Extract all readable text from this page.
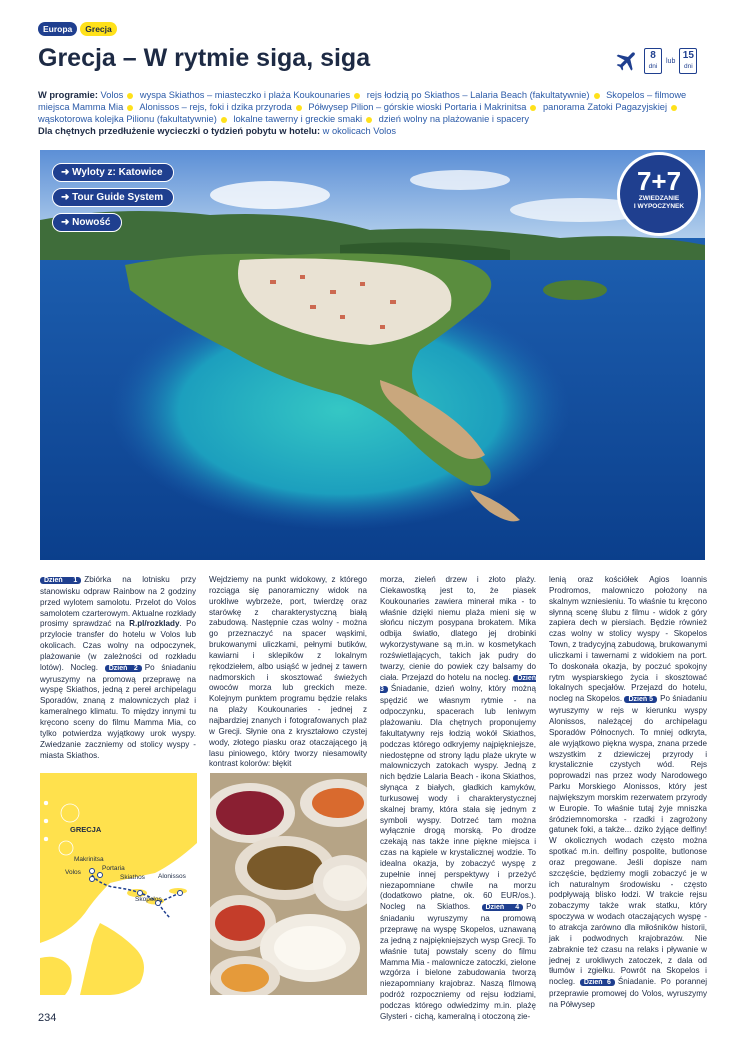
Europa	Grecja
Grecja – W rytmie siga, siga	8
dni
lub 15
dni
W programie: Volos wyspa Skiathos – miasteczko i plaża Koukounaries rejs łodzią po Skiathos – Lalaria Beach (fakultatywnie) Skopelos – filmowe miejsca Mamma Mia Alonissos – rejs, foki i dzika przyroda Półwysep Pilion – górskie wioski Portaria i Makrinitsa panorama Zatoki Pagazyjskiej wąskotorowa kolejka Pilionu (fakultatywnie) lokalne tawerny i greckie smaki dzień wolny na plażowanie i spacery
Dla chętnych przedłużenie wycieczki o tydzień pobytu w hotelu: w okolicach Volos
➜ Wyloty z: Katowice
➜ Tour Guide System
➜ Nowość
7+7
ZWIEDZANIE
I WYPOCZYNEK
Dzień 1 Zbiórka na lotnisku przy stanowisku odpraw Rainbow na 2 godziny przed wylotem samolotu. Przelot do Volos samolotem czarterowym. Aktualne rozkłady prosimy sprawdzać na R.pl/rozklady. Po przylocie transfer do hotelu w Volos lub okolicach. Czas wolny na odpoczynek, plażowanie (w zależności od rozkładu lotów). Nocleg. Dzień 2 Po śniadaniu wyruszymy na promową przeprawę na wyspę Skiathos, jedną z pereł archipelagu Sporadów, znaną z malowniczych plaż i kameralnego klimatu. To między innymi tu kręcono sceny do filmu Mamma Mia, co tylko potwierdza wyjątkowy urok wyspy. Zwiedzanie zaczniemy od stolicy wyspy - miasta Skiathos.
Wejdziemy na punkt widokowy, z którego rozciąga się panoramiczny widok na urokliwe wybrzeże, port, twierdzę oraz starówkę z charakterystyczną białą zabudową. Następnie czas wolny - można go przeznaczyć na spacer wąskimi, brukowanymi uliczkami, pełnymi butików, kawiarni i sklepików z lokalnym rękodziełem, albo usiąść w jednej z tawern nadmorskich i skosztować świeżych owoców morza lub greckich meze. Kolejnym punktem programu będzie relaks na plaży Koukounaries - jednej z najbardziej znanych i fotografowanych plaż w Grecji. Słynie ona z kryształowo czystej wody, złotego piasku oraz otaczającego ją lasu piniowego, który tworzy niesamowity kontrast kolorów: błękit
morza, zieleń drzew i złoto plaży. Ciekawostką jest to, że piasek Koukounaries zawiera minerał mika - to właśnie dzięki niemu plaża mieni się w słońcu niczym posypana brokatem. Mika odbija światło, dlatego jej drobinki wykorzystywane są m.in. w kosmetykach rozświetlających, takich jak pudry do twarzy, cienie do powiek czy balsamy do ciała. Przejazd do hotelu na nocleg. Dzień 3 Śniadanie, dzień wolny, który możną spędzić we własnym rytmie - na odpoczynku, spacerach lub leniwym plażowaniu. Dla chętnych proponujemy fakultatywny rejs łodzią wokół Skiathos, podczas którego odkryjemy najpiękniejsze, niedostępne od strony lądu plaże ukryte w malowniczych zatokach wyspy. Jedną z nich będzie Lalaria Beach - ikona Skiathos, słynąca z białych, gładkich kamyków, turkusowej wody i charakterystycznej skalnej bramy, która stała się jednym z symboli wyspy. Dotrzeć tam można wyłącznie drogą morską. Po drodze czekają nas także inne piękne miejsca i czas na kąpiele w krystalicznej wodzie. To idealna okazja, by zobaczyć wyspę z zupełnie innej perspektywy i przeżyć niezapomniane chwile na morzu (dodatkowo płatne, ok. 60 EUR/os.). Nocleg na Skiathos. Dzień 4 Po śniadaniu wyruszymy na promową przeprawę na wyspę Skopelos, uznawaną za jedną z najpiękniejszych wysp Grecji. To właśnie tutaj powstały sceny do filmu Mamma Mia - malownicze zatoczki, zielone wzgórza i bielone zabudowania tworzą niezapomniany krajobraz. Naszą filmową podróż rozpoczniemy od rejsu łodziami, podczas którego odwiedzimy m.in. plażę Glysteri - cichą, kameralną i otoczoną zie-
lenią oraz kościółek Agios Ioannis Prodromos, malowniczo położony na skalnym wzniesieniu. To właśnie tu kręcono słynną scenę ślubu z filmu - widok z góry zapiera dech w piersiach. Będzie również czas wolny w stolicy wyspy - Skopelos Town, z tradycyjną zabudową, brukowanymi uliczkami i tawernami z widokiem na port. To doskonała okazja, by poczuć spokojny rytm wyspiarskiego życia i skosztować lokalnych specjałów. Przejazd do hotelu, nocleg na Skopelos. Dzień 5 Po śniadaniu wyruszymy w rejs w kierunku wyspy Alonissos, należącej do archipelagu Sporadów Północnych. To mniej odkryta, ale wyjątkowo piękna wyspa, znana przede wszystkim z dziewiczej przyrody i krystalicznie czystych wód. Rejs poprowadzi nas przez wody Narodowego Parku Morskiego Alonissos, który jest największym morskim rezerwatem przyrody w Europie. To właśnie tutaj żyje mniszka śródziemnomorska - rzadki i zagrożony gatunek foki, a także... dziko żyjące delfiny! W okolicznych wodach często można spotkać m.in. delfiny pospolite, butlonose oraz pregowane. Jeśli dopisze nam szczęście, będziemy mogli zobaczyć je w ich naturalnym środowisku - często podpływają blisko łodzi. W trakcie rejsu zobaczymy także wrak statku, który spoczywa w wodach otaczających wyspę - to atrakcja zarówno dla miłośników historii, jak i podwodnych krajobrazów. Nie zabraknie też czasu na relaks i pływanie w jednej z urokliwych zatoczek, z dala od tłumów i zgiełku. Powrót na Skopelos i nocleg. Dzień 6 Śniadanie. Po porannej przeprawie promowej do Volos, wyruszymy na Półwysep
GRECJA
Makrinitsa
Portaria
Volos
Skiathos Alonissos
Skopelos
234
